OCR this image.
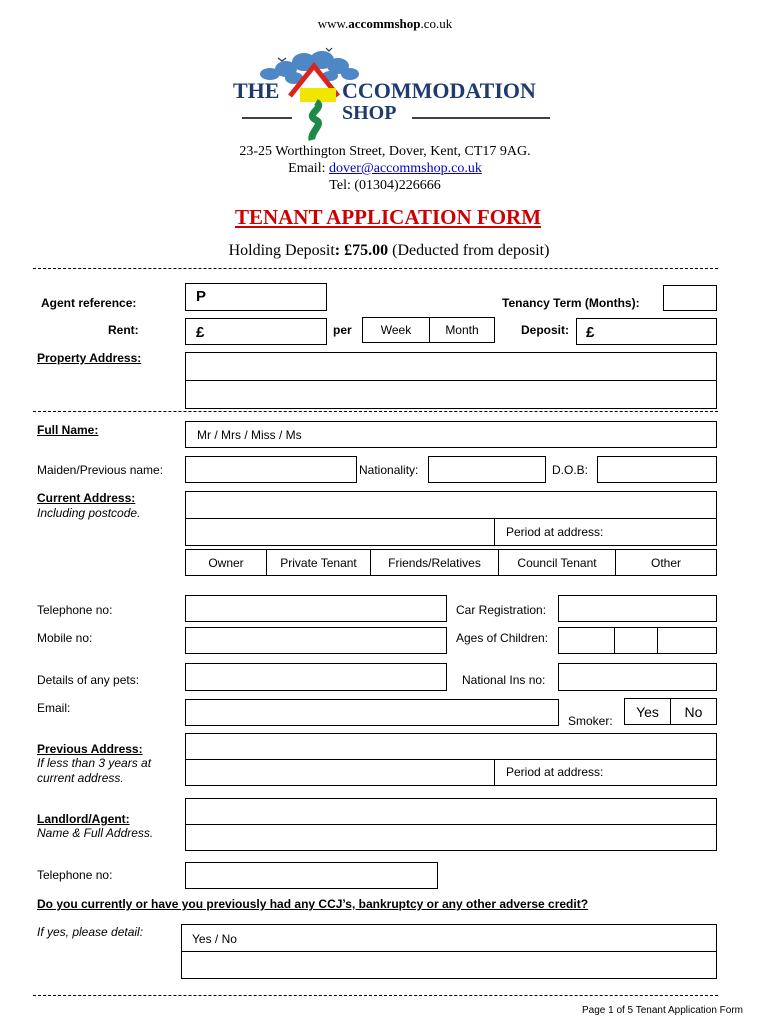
www.accommshop.co.uk
THE	CCOMMODATION
SHOP
23-25 Worthington Street, Dover, Kent, CT17 9AG.
Email: dover@accommshop.co.uk
Tel: (01304)226666
TENANT APPLICATION FORM
Holding Deposit: £75.00 (Deducted from deposit)
Agent reference:	P	Tenancy Term (Months):
Rent:	£	per	Week	Month	Deposit: £
Property Address:
Full Name:	Mr / Mrs / Miss / Ms
Maiden/Previous name:	Nationality:	D.O.B:
Current Address:
Including postcode.
Period at address:
Owner	Private Tenant	Friends/Relatives	Council Tenant	Other
Telephone no:	Car Registration:
Mobile no:	Ages of Children:
Details of any pets:	National Ins no:
Email:
Smoker:
Yes	No
Previous Address:
If less than 3 years at
current address.	Period at address:
Landlord/Agent:
Name & Full Address.
Telephone no:
Do you currently or have you previously had any CCJ’s, bankruptcy or any other adverse credit?
If yes, please detail:	Yes / No
Page 1 of 5 Tenant Application Form
